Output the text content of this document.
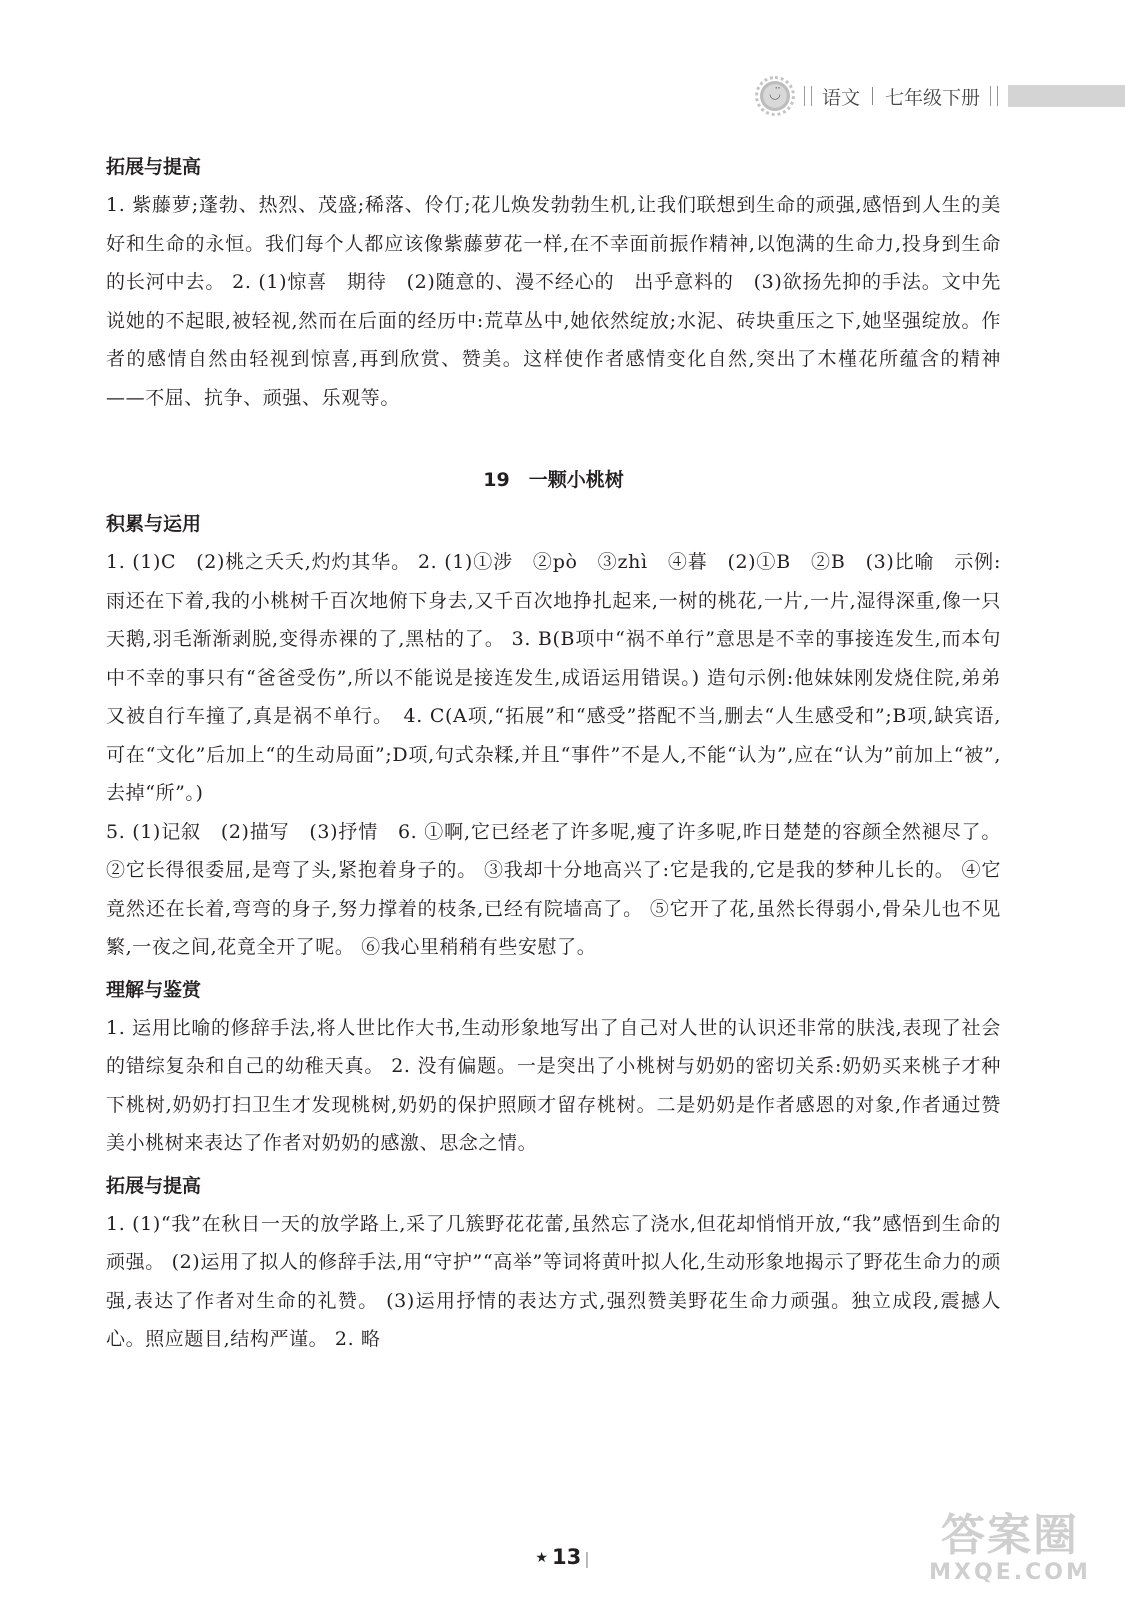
◡̈	语文 七年级下册

拓展与提高

1. 紫藤萝;蓬勃、热烈、茂盛;稀落、伶仃;花儿焕发勃勃生机,让我们联想到生命的顽强,感悟到人生的美好和生命的永恒。我们每个人都应该像紫藤萝花一样,在不幸面前振作精神,以饱满的生命力,投身到生命的长河中去。 2. (1)惊喜　期待　(2)随意的、漫不经心的　出乎意料的　(3)欲扬先抑的手法。文中先说她的不起眼,被轻视,然而在后面的经历中:荒草丛中,她依然绽放;水泥、砖块重压之下,她坚强绽放。作者的感情自然由轻视到惊喜,再到欣赏、赞美。这样使作者感情变化自然,突出了木槿花所蕴含的精神——不屈、抗争、顽强、乐观等。

19　一颗小桃树

积累与运用

1. (1)C　(2)桃之夭夭,灼灼其华。 2. (1)①涉　②pò　③zhì　④暮　(2)①B　②B　(3)比喻　示例:雨还在下着,我的小桃树千百次地俯下身去,又千百次地挣扎起来,一树的桃花,一片,一片,湿得深重,像一只天鹅,羽毛渐渐剥脱,变得赤裸的了,黑枯的了。 3. B(B项中“祸不单行”意思是不幸的事接连发生,而本句中不幸的事只有“爸爸受伤”,所以不能说是接连发生,成语运用错误。) 造句示例:他妹妹刚发烧住院,弟弟又被自行车撞了,真是祸不单行。　4. C(A项,“拓展”和“感受”搭配不当,删去“人生感受和”;B项,缺宾语,可在“文化”后加上“的生动局面”;D项,句式杂糅,并且“事件”不是人,不能“认为”,应在“认为”前加上“被”,去掉“所”。)

5. (1)记叙　(2)描写　(3)抒情　6. ①啊,它已经老了许多呢,瘦了许多呢,昨日楚楚的容颜全然褪尽了。 ②它长得很委屈,是弯了头,紧抱着身子的。 ③我却十分地高兴了:它是我的,它是我的梦种儿长的。 ④它竟然还在长着,弯弯的身子,努力撑着的枝条,已经有院墙高了。 ⑤它开了花,虽然长得弱小,骨朵儿也不见繁,一夜之间,花竟全开了呢。 ⑥我心里稍稍有些安慰了。

理解与鉴赏

1. 运用比喻的修辞手法,将人世比作大书,生动形象地写出了自己对人世的认识还非常的肤浅,表现了社会的错综复杂和自己的幼稚天真。 2. 没有偏题。一是突出了小桃树与奶奶的密切关系:奶奶买来桃子才种下桃树,奶奶打扫卫生才发现桃树,奶奶的保护照顾才留存桃树。二是奶奶是作者感恩的对象,作者通过赞美小桃树来表达了作者对奶奶的感激、思念之情。

拓展与提高

1. (1)“我”在秋日一天的放学路上,采了几簇野花花蕾,虽然忘了浇水,但花却悄悄开放,“我”感悟到生命的顽强。 (2)运用了拟人的修辞手法,用“守护”“高举”等词将黄叶拟人化,生动形象地揭示了野花生命力的顽强,表达了作者对生命的礼赞。 (3)运用抒情的表达方式,强烈赞美野花生命力顽强。独立成段,震撼人心。照应题目,结构严谨。 2. 略

★ 13 |	答案圈
MXQE.COM
